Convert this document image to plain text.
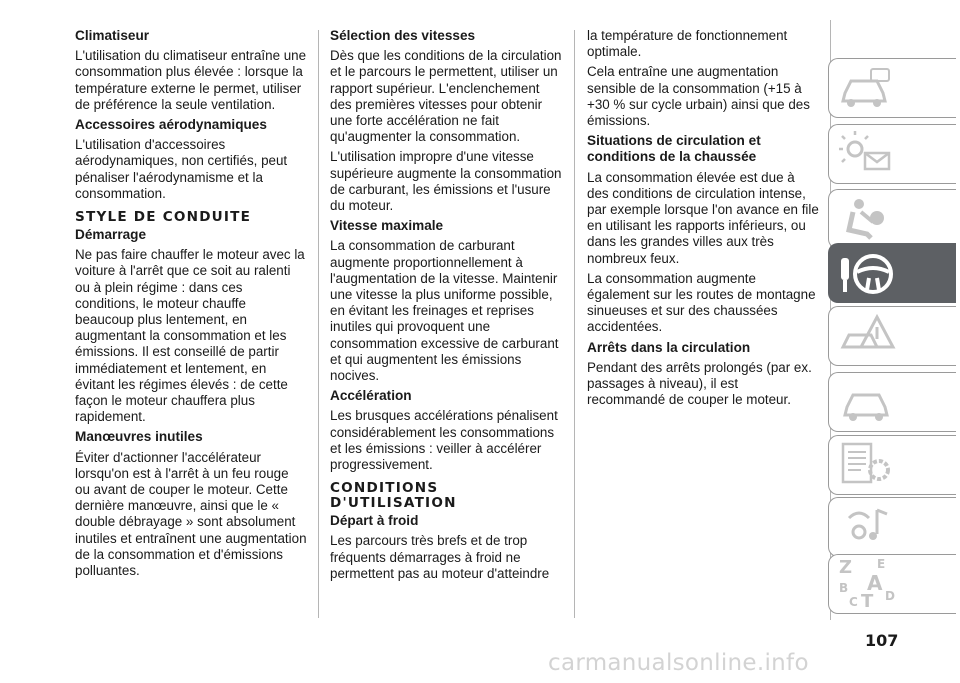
Climatiseur

L'utilisation du climatiseur entraîne une consommation plus élevée : lorsque la température externe le permet, utiliser de préférence la seule ventilation.

Accessoires aérodynamiques

L'utilisation d'accessoires aérodynamiques, non certifiés, peut pénaliser l'aérodynamisme et la consommation.

STYLE DE CONDUITE

Démarrage

Ne pas faire chauffer le moteur avec la voiture à l'arrêt que ce soit au ralenti ou à plein régime : dans ces conditions, le moteur chauffe beaucoup plus lentement, en augmentant la consommation et les émissions. Il est conseillé de partir immédiatement et lentement, en évitant les régimes élevés : de cette façon le moteur chauffera plus rapidement.

Manœuvres inutiles

Éviter d'actionner l'accélérateur lorsqu'on est à l'arrêt à un feu rouge ou avant de couper le moteur. Cette dernière manœuvre, ainsi que le « double débrayage » sont absolument inutiles et entraînent une augmentation de la consommation et d'émissions polluantes.

Sélection des vitesses

Dès que les conditions de la circulation et le parcours le permettent, utiliser un rapport supérieur. L'enclenchement des premières vitesses pour obtenir une forte accélération ne fait qu'augmenter la consommation.

L'utilisation impropre d'une vitesse supérieure augmente la consommation de carburant, les émissions et l'usure du moteur.

Vitesse maximale

La consommation de carburant augmente proportionnellement à l'augmentation de la vitesse. Maintenir une vitesse la plus uniforme possible, en évitant les freinages et reprises inutiles qui provoquent une consommation excessive de carburant et qui augmentent les émissions nocives.

Accélération

Les brusques accélérations pénalisent considérablement les consommations et les émissions : veiller à accélérer progressivement.

CONDITIONS
D'UTILISATION

Départ à froid

Les parcours très brefs et de trop fréquents démarrages à froid ne permettent pas au moteur d'atteindre

la température de fonctionnement optimale.

Cela entraîne une augmentation sensible de la consommation (+15 à +30 % sur cycle urbain) ainsi que des émissions.

Situations de circulation et conditions de la chaussée

La consommation élevée est due à des conditions de circulation intense, par exemple lorsque l'on avance en file en utilisant les rapports inférieurs, ou dans les grandes villes aux très nombreux feux.

La consommation augmente également sur les routes de montagne sinueuses et sur des chaussées accidentées.

Arrêts dans la circulation

Pendant des arrêts prolongés (par ex. passages à niveau), il est recommandé de couper le moteur.

Z E
B A
C T D
107
carmanualsonline.info
